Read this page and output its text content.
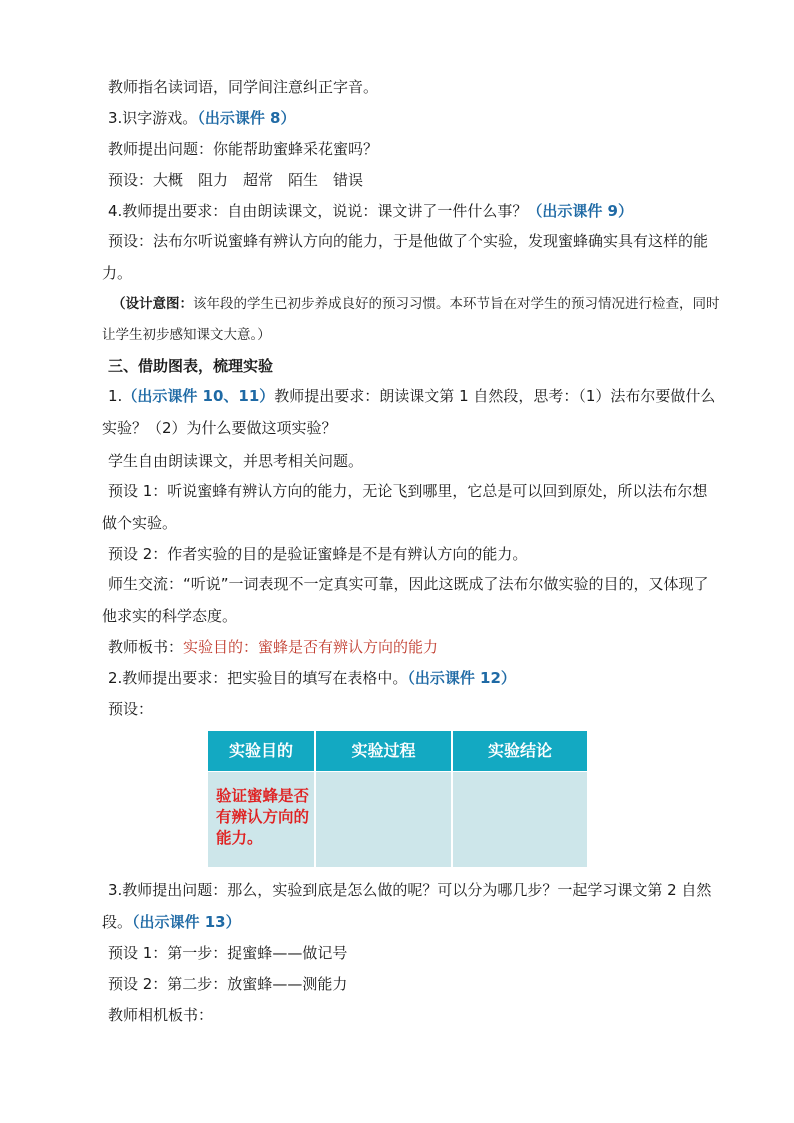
教师指名读词语，同学间注意纠正字音。
3.识字游戏。（出示课件 8）
教师提出问题：你能帮助蜜蜂采花蜜吗？
预设：大概　阻力　超常　陌生　错误
4.教师提出要求：自由朗读课文，说说：课文讲了一件什么事？（出示课件 9）
预设：法布尔听说蜜蜂有辨认方向的能力，于是他做了个实验，发现蜜蜂确实具有这样的能力。
（设计意图：该年段的学生已初步养成良好的预习习惯。本环节旨在对学生的预习情况进行检查，同时让学生初步感知课文大意。）
三、借助图表，梳理实验
1.（出示课件 10、11）教师提出要求：朗读课文第 1 自然段，思考：（1）法布尔要做什么实验？（2）为什么要做这项实验？
学生自由朗读课文，并思考相关问题。
预设 1：听说蜜蜂有辨认方向的能力，无论飞到哪里，它总是可以回到原处，所以法布尔想做个实验。
预设 2：作者实验的目的是验证蜜蜂是不是有辨认方向的能力。
师生交流：“听说”一词表现不一定真实可靠，因此这既成了法布尔做实验的目的，又体现了他求实的科学态度。
教师板书：实验目的：蜜蜂是否有辨认方向的能力
2.教师提出要求：把实验目的填写在表格中。（出示课件 12）
预设：
实验目的	实验过程	实验结论
验证蜜蜂是否有辨认方向的能力。
3.教师提出问题：那么，实验到底是怎么做的呢？可以分为哪几步？一起学习课文第 2 自然段。（出示课件 13）
预设 1：第一步：捉蜜蜂——做记号
预设 2：第二步：放蜜蜂——测能力
教师相机板书：
